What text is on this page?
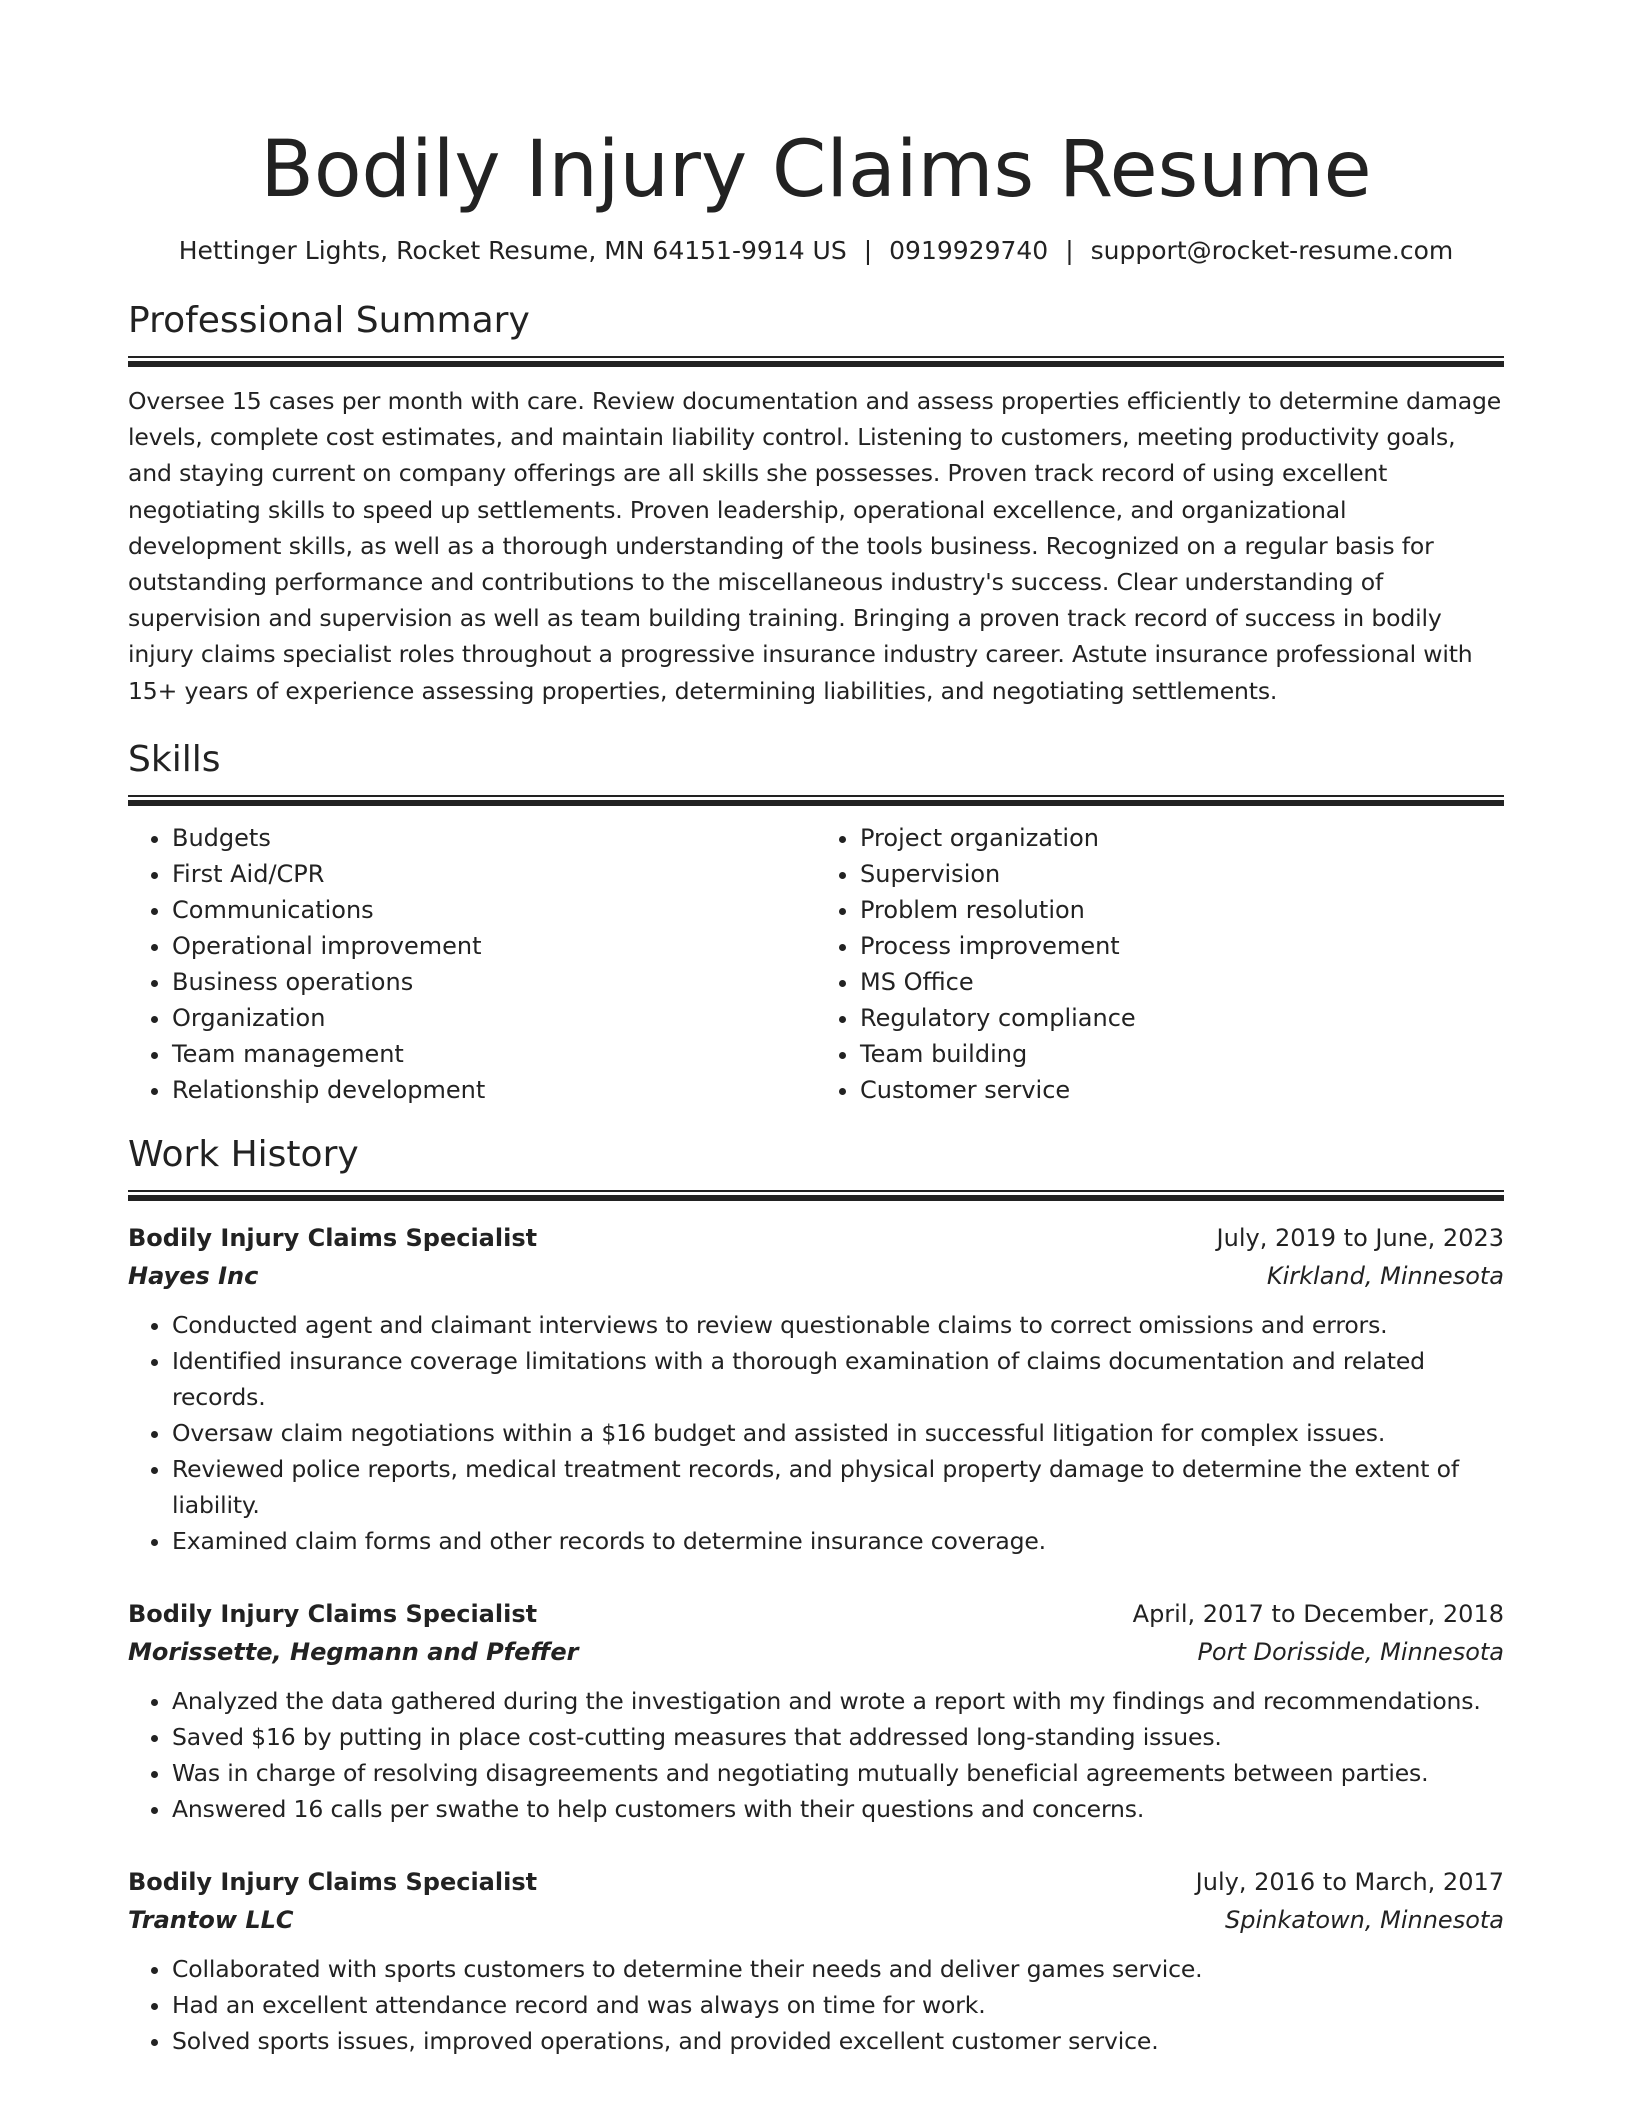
Bodily Injury Claims Resume
Hettinger Lights, Rocket Resume, MN 64151-9914 US | 0919929740 | support@rocket-resume.com
Professional Summary
Oversee 15 cases per month with care. Review documentation and assess properties efficiently to determine damage levels, complete cost estimates, and maintain liability control. Listening to customers, meeting productivity goals, and staying current on company offerings are all skills she possesses. Proven track record of using excellent negotiating skills to speed up settlements. Proven leadership, operational excellence, and organizational development skills, as well as a thorough understanding of the tools business. Recognized on a regular basis for outstanding performance and contributions to the miscellaneous industry's success. Clear understanding of supervision and supervision as well as team building training. Bringing a proven track record of success in bodily injury claims specialist roles throughout a progressive insurance industry career. Astute insurance professional with 15+ years of experience assessing properties, determining liabilities, and negotiating settlements.
Skills
• Budgets
• First Aid/CPR
• Communications
• Operational improvement
• Business operations
• Organization
• Team management
• Relationship development
• Project organization
• Supervision
• Problem resolution
• Process improvement
• MS Office
• Regulatory compliance
• Team building
• Customer service
Work History
Bodily Injury Claims Specialist	July, 2019 to June, 2023
Hayes Inc	Kirkland, Minnesota
• Conducted agent and claimant interviews to review questionable claims to correct omissions and errors.
• Identified insurance coverage limitations with a thorough examination of claims documentation and related records.
• Oversaw claim negotiations within a $16 budget and assisted in successful litigation for complex issues.
• Reviewed police reports, medical treatment records, and physical property damage to determine the extent of liability.
• Examined claim forms and other records to determine insurance coverage.
Bodily Injury Claims Specialist	April, 2017 to December, 2018
Morissette, Hegmann and Pfeffer	Port Dorisside, Minnesota
• Analyzed the data gathered during the investigation and wrote a report with my findings and recommendations.
• Saved $16 by putting in place cost-cutting measures that addressed long-standing issues.
• Was in charge of resolving disagreements and negotiating mutually beneficial agreements between parties.
• Answered 16 calls per swathe to help customers with their questions and concerns.
Bodily Injury Claims Specialist	July, 2016 to March, 2017
Trantow LLC	Spinkatown, Minnesota
• Collaborated with sports customers to determine their needs and deliver games service.
• Had an excellent attendance record and was always on time for work.
• Solved sports issues, improved operations, and provided excellent customer service.
